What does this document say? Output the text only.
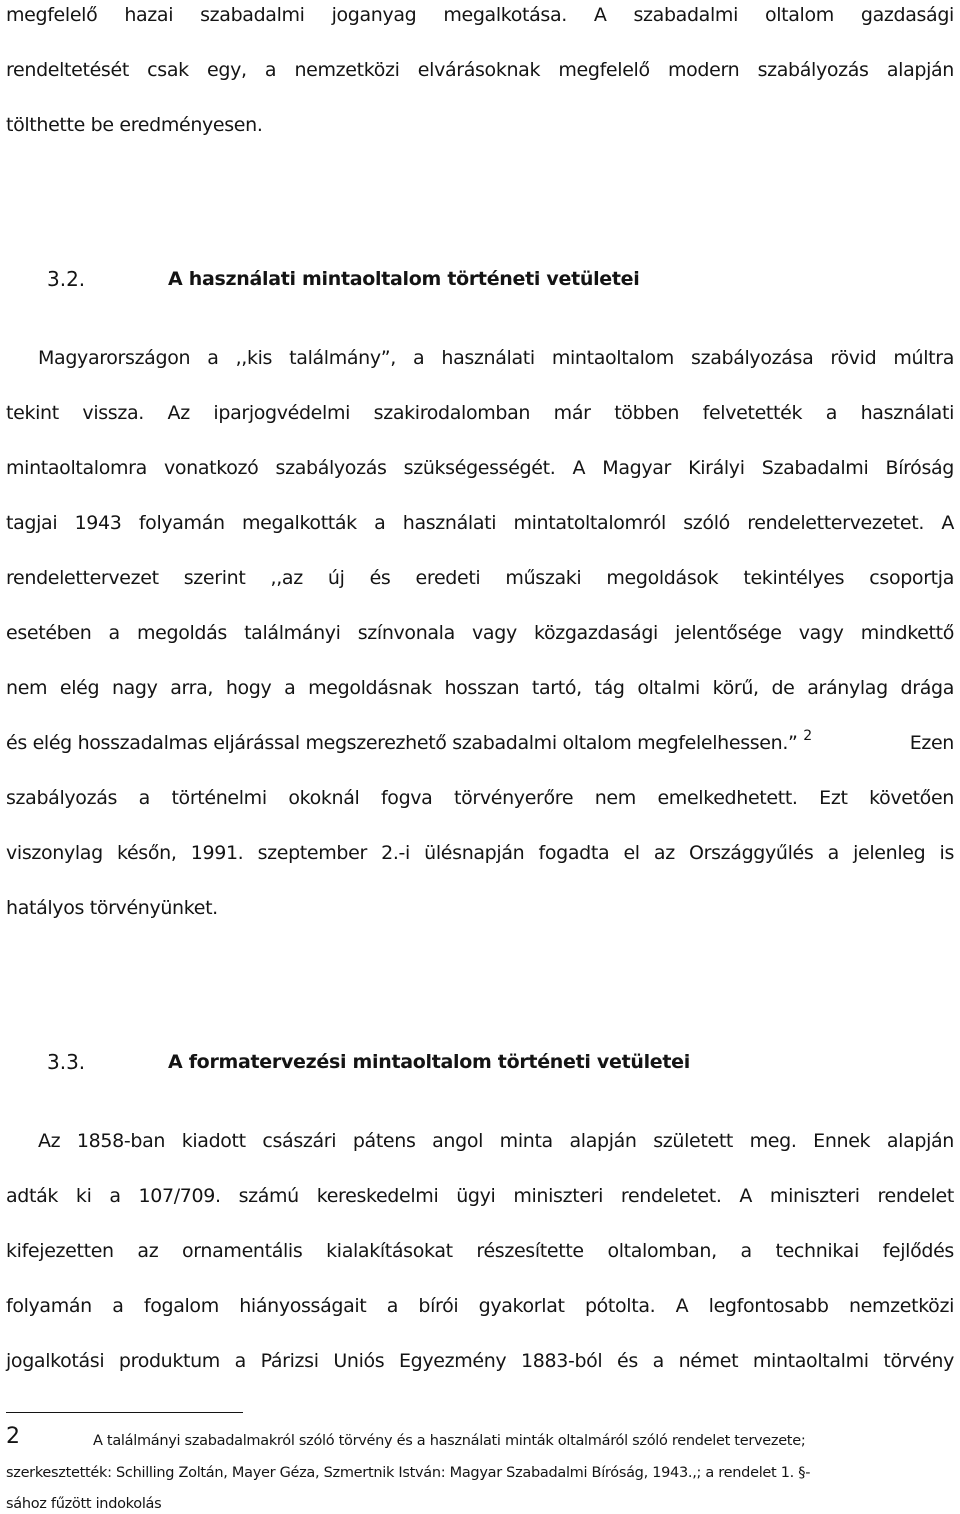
megfelelő hazai szabadalmi joganyag megalkotása. A szabadalmi oltalom gazdasági
rendeltetését csak egy, a nemzetközi elvárásoknak megfelelő modern szabályozás alapján
tölthette be eredményesen.
3.2.	A használati mintaoltalom történeti vetületei
Magyarországon a ,,kis találmány”, a használati mintaoltalom szabályozása rövid múltra
tekint vissza. Az iparjogvédelmi szakirodalomban már többen felvetették a használati
mintaoltalomra vonatkozó szabályozás szükségességét. A Magyar Királyi Szabadalmi Bíróság
tagjai 1943 folyamán megalkották a használati mintatoltalomról szóló rendelettervezetet. A
rendelettervezet szerint ,,az új és eredeti műszaki megoldások tekintélyes csoportja
esetében a megoldás találmányi színvonala vagy közgazdasági jelentősége vagy mindkettő
nem elég nagy arra, hogy a megoldásnak hosszan tartó, tág oltalmi körű, de aránylag drága
és elég hosszadalmas eljárással megszerezhető szabadalmi oltalom megfelelhessen.” $^2$	Ezen
szabályozás a történelmi okoknál fogva törvényerőre nem emelkedhetett. Ezt követően
viszonylag későn, 1991. szeptember 2.-i ülésnapján fogadta el az Országgyűlés a jelenleg is
hatályos törvényünket.
3.3.	A formatervezési mintaoltalom történeti vetületei
Az 1858-ban kiadott császári pátens angol minta alapján született meg. Ennek alapján
adták ki a 107/709. számú kereskedelmi ügyi miniszteri rendeletet. A miniszteri rendelet
kifejezetten az ornamentális kialakításokat részesítette oltalomban, a technikai fejlődés
folyamán a fogalom hiányosságait a bírói gyakorlat pótolta. A legfontosabb nemzetközi
jogalkotási produktum a Párizsi Uniós Egyezmény 1883-ból és a német mintaoltalmi törvény
2	A találmányi szabadalmakról szóló törvény és a használati minták oltalmáról szóló rendelet tervezete;
szerkesztették: Schilling Zoltán, Mayer Géza, Szmertnik István: Magyar Szabadalmi Bíróság, 1943.,; a rendelet 1. §-
sához fűzött indokolás
